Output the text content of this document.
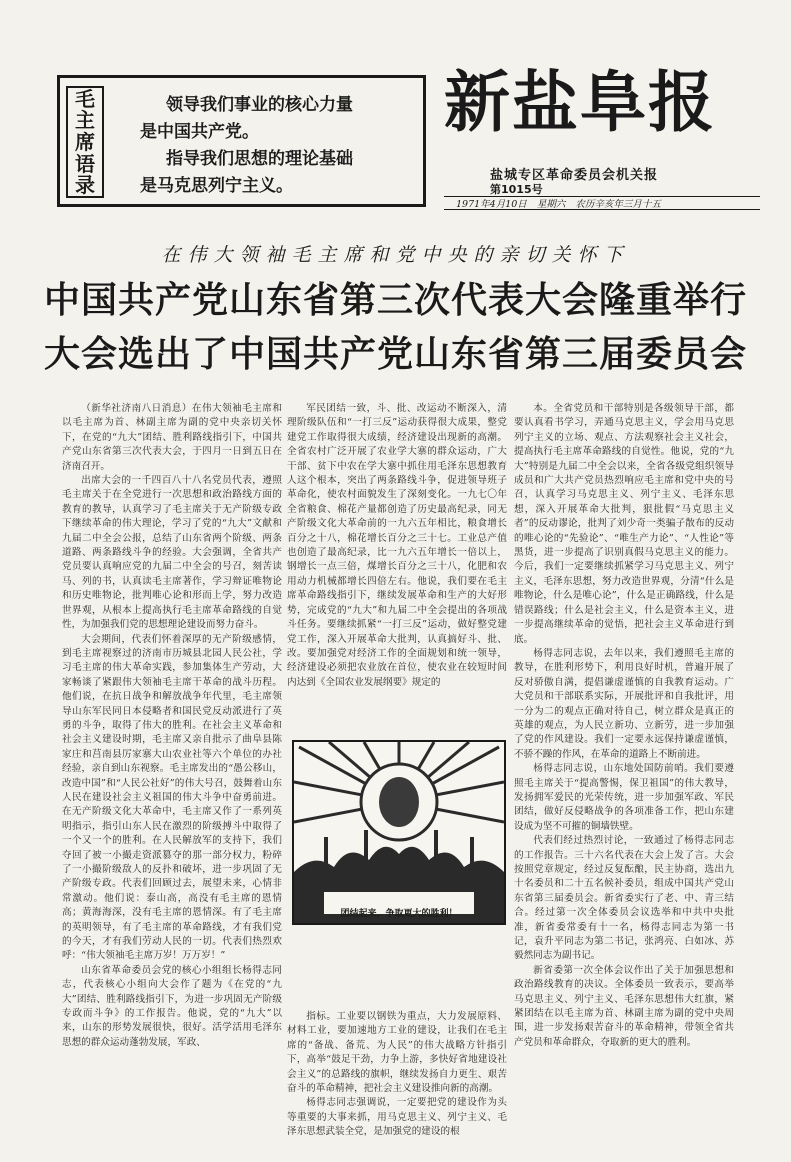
毛
主
席
语
录
领导我们事业的核心力量
是中国共产党。
指导我们思想的理论基础
是马克思列宁主义。
新盐阜报
盐城专区革命委员会机关报
第1015号
1971年4月10日 星期六 农历辛亥年三月十五
在伟大领袖毛主席和党中央的亲切关怀下
中国共产党山东省第三次代表大会隆重举行
大会选出了中国共产党山东省第三届委员会

（新华社济南八日消息）在伟大领袖毛主席和以毛主席为首、林副主席为副的党中央亲切关怀下，在党的“九大”团结、胜利路线指引下，中国共产党山东省第三次代表大会，于四月一日到五日在济南召开。

出席大会的一千四百八十八名党员代表，遵照毛主席关于在全党进行一次思想和政治路线方面的教育的教导，认真学习了毛主席关于无产阶级专政下继续革命的伟大理论，学习了党的“九大”文献和九届二中全会公报，总结了山东省两个阶级、两条道路、两条路线斗争的经验。大会强调，全省共产党员要认真响应党的九届二中全会的号召，刻苦读马、列的书，认真读毛主席著作，学习辩证唯物论和历史唯物论，批判唯心论和形而上学，努力改造世界观，从根本上提高执行毛主席革命路线的自觉性，为加强我们党的思想理论建设而努力奋斗。

大会期间，代表们怀着深厚的无产阶级感情，到毛主席视察过的济南市历城县北园人民公社，学习毛主席的伟大革命实践，参加集体生产劳动，大家畅谈了紧跟伟大领袖毛主席干革命的战斗历程。他们说，在抗日战争和解放战争年代里，毛主席领导山东军民同日本侵略者和国民党反动派进行了英勇的斗争，取得了伟大的胜利。在社会主义革命和社会主义建设时期，毛主席又亲自批示了曲阜县陈家庄和莒南县厉家寨大山农业社等六个单位的办社经验，亲自到山东视察。毛主席发出的“愚公移山，改造中国”和“人民公社好”的伟大号召，鼓舞着山东人民在建设社会主义祖国的伟大斗争中奋勇前进。在无产阶级文化大革命中，毛主席又作了一系列英明指示，指引山东人民在激烈的阶级搏斗中取得了一个又一个的胜利。在人民解放军的支持下，我们夺回了被一小撮走资派篡夺的那一部分权力，粉碎了一小撮阶级敌人的反扑和破坏，进一步巩固了无产阶级专政。代表们回顾过去，展望未来，心情非常激动。他们说：泰山高，高没有毛主席的恩情高；黄海海深，没有毛主席的恩情深。有了毛主席的英明领导，有了毛主席的革命路线，才有我们党的今天，才有我们劳动人民的一切。代表们热烈欢呼：“伟大领袖毛主席万岁！万万岁！”

山东省革命委员会党的核心小组组长杨得志同志，代表核心小组向大会作了题为《在党的“九大”团结、胜利路线指引下，为进一步巩固无产阶级专政而斗争》的工作报告。他说，党的“九大”以来，山东的形势发展很快，很好。活学活用毛泽东思想的群众运动蓬勃发展，军政、

军民团结一致，斗、批、改运动不断深入，清理阶级队伍和“一打三反”运动获得很大成果，整党建党工作取得很大成绩，经济建设出现新的高潮。全省农村广泛开展了农业学大寨的群众运动，广大干部、贫下中农在学大寨中抓住用毛泽东思想教育人这个根本，突出了两条路线斗争，促进领导班子革命化，使农村面貌发生了深刻变化。一九七〇年全省粮食、棉花产量都创造了历史最高纪录，同无产阶级文化大革命前的一九六五年相比，粮食增长百分之十八，棉花增长百分之三十七。工业总产值也创造了最高纪录，比一九六五年增长一倍以上，钢增长一点三倍，煤增长百分之三十八，化肥和农用动力机械都增长四倍左右。他说，我们要在毛主席革命路线指引下，继续发展革命和生产的大好形势，完成党的“九大”和九届二中全会提出的各项战斗任务。要继续抓紧“一打三反”运动，做好整党建党工作，深入开展革命大批判，认真搞好斗、批、改。要加强党对经济工作的全面规划和统一领导，经济建设必须把农业放在首位，使农业在较短时间内达到《全国农业发展纲要》规定的

团结起来，争取更大的胜利！

指标。工业要以钢铁为重点，大力发展原料、材料工业，要加速地方工业的建设，让我们在毛主席的“备战、备荒、为人民”的伟大战略方针指引下，高举“鼓足干劲，力争上游，多快好省地建设社会主义”的总路线的旗帜，继续发扬自力更生、艰苦奋斗的革命精神，把社会主义建设推向新的高潮。

杨得志同志强调说，一定要把党的建设作为头等重要的大事来抓，用马克思主义、列宁主义、毛泽东思想武装全党，是加强党的建设的根

本。全省党员和干部特别是各级领导干部，都要认真看书学习，弄通马克思主义，学会用马克思列宁主义的立场、观点、方法观察社会主义社会，提高执行毛主席革命路线的自觉性。他说，党的“九大”特别是九届二中全会以来，全省各级党组织领导成员和广大共产党员热烈响应毛主席和党中央的号召，认真学习马克思主义、列宁主义、毛泽东思想，深入开展革命大批判，狠批假“马克思主义者”的反动谬论，批判了刘少奇一类骗子散布的反动的唯心论的“先验论”、“唯生产力论”、“人性论”等黑货，进一步提高了识别真假马克思主义的能力。今后，我们一定要继续抓紧学习马克思主义、列宁主义，毛泽东思想，努力改造世界观，分清“什么是唯物论，什么是唯心论”，什么是正确路线，什么是错误路线；什么是社会主义，什么是资本主义，进一步提高继续革命的觉悟，把社会主义革命进行到底。

杨得志同志说，去年以来，我们遵照毛主席的教导，在胜利形势下，利用良好时机，普遍开展了反对骄傲自满，提倡谦虚谨慎的自我教育运动。广大党员和干部联系实际，开展批评和自我批评，用一分为二的观点正确对待自己，树立群众是真正的英雄的观点，为人民立新功、立新劳，进一步加强了党的作风建设。我们一定要永远保持谦虚谨慎，不骄不躁的作风，在革命的道路上不断前进。

杨得志同志说，山东地处国防前哨。我们要遵照毛主席关于“提高警惕，保卫祖国”的伟大教导，发扬拥军爱民的光荣传统，进一步加强军政、军民团结，做好反侵略战争的各项准备工作，把山东建设成为坚不可摧的铜墙铁壁。

代表们经过热烈讨论，一致通过了杨得志同志的工作报告。三十六名代表在大会上发了言。大会按照党章规定，经过反复酝酿，民主协商，选出九十名委员和二十五名候补委员，组成中国共产党山东省第三届委员会。新省委实行了老、中、青三结合。经过第一次全体委员会议选举和中共中央批准，新省委常委有十一名，杨得志同志为第一书记，袁升平同志为第二书记，张鸿亮、白如冰、苏毅然同志为副书记。

新省委第一次全体会议作出了关于加强思想和政治路线教育的决议。全体委员一致表示，要高举马克思主义、列宁主义、毛泽东思想伟大红旗，紧紧团结在以毛主席为首、林副主席为副的党中央周围，进一步发扬艰苦奋斗的革命精神，带领全省共产党员和革命群众，夺取新的更大的胜利。
